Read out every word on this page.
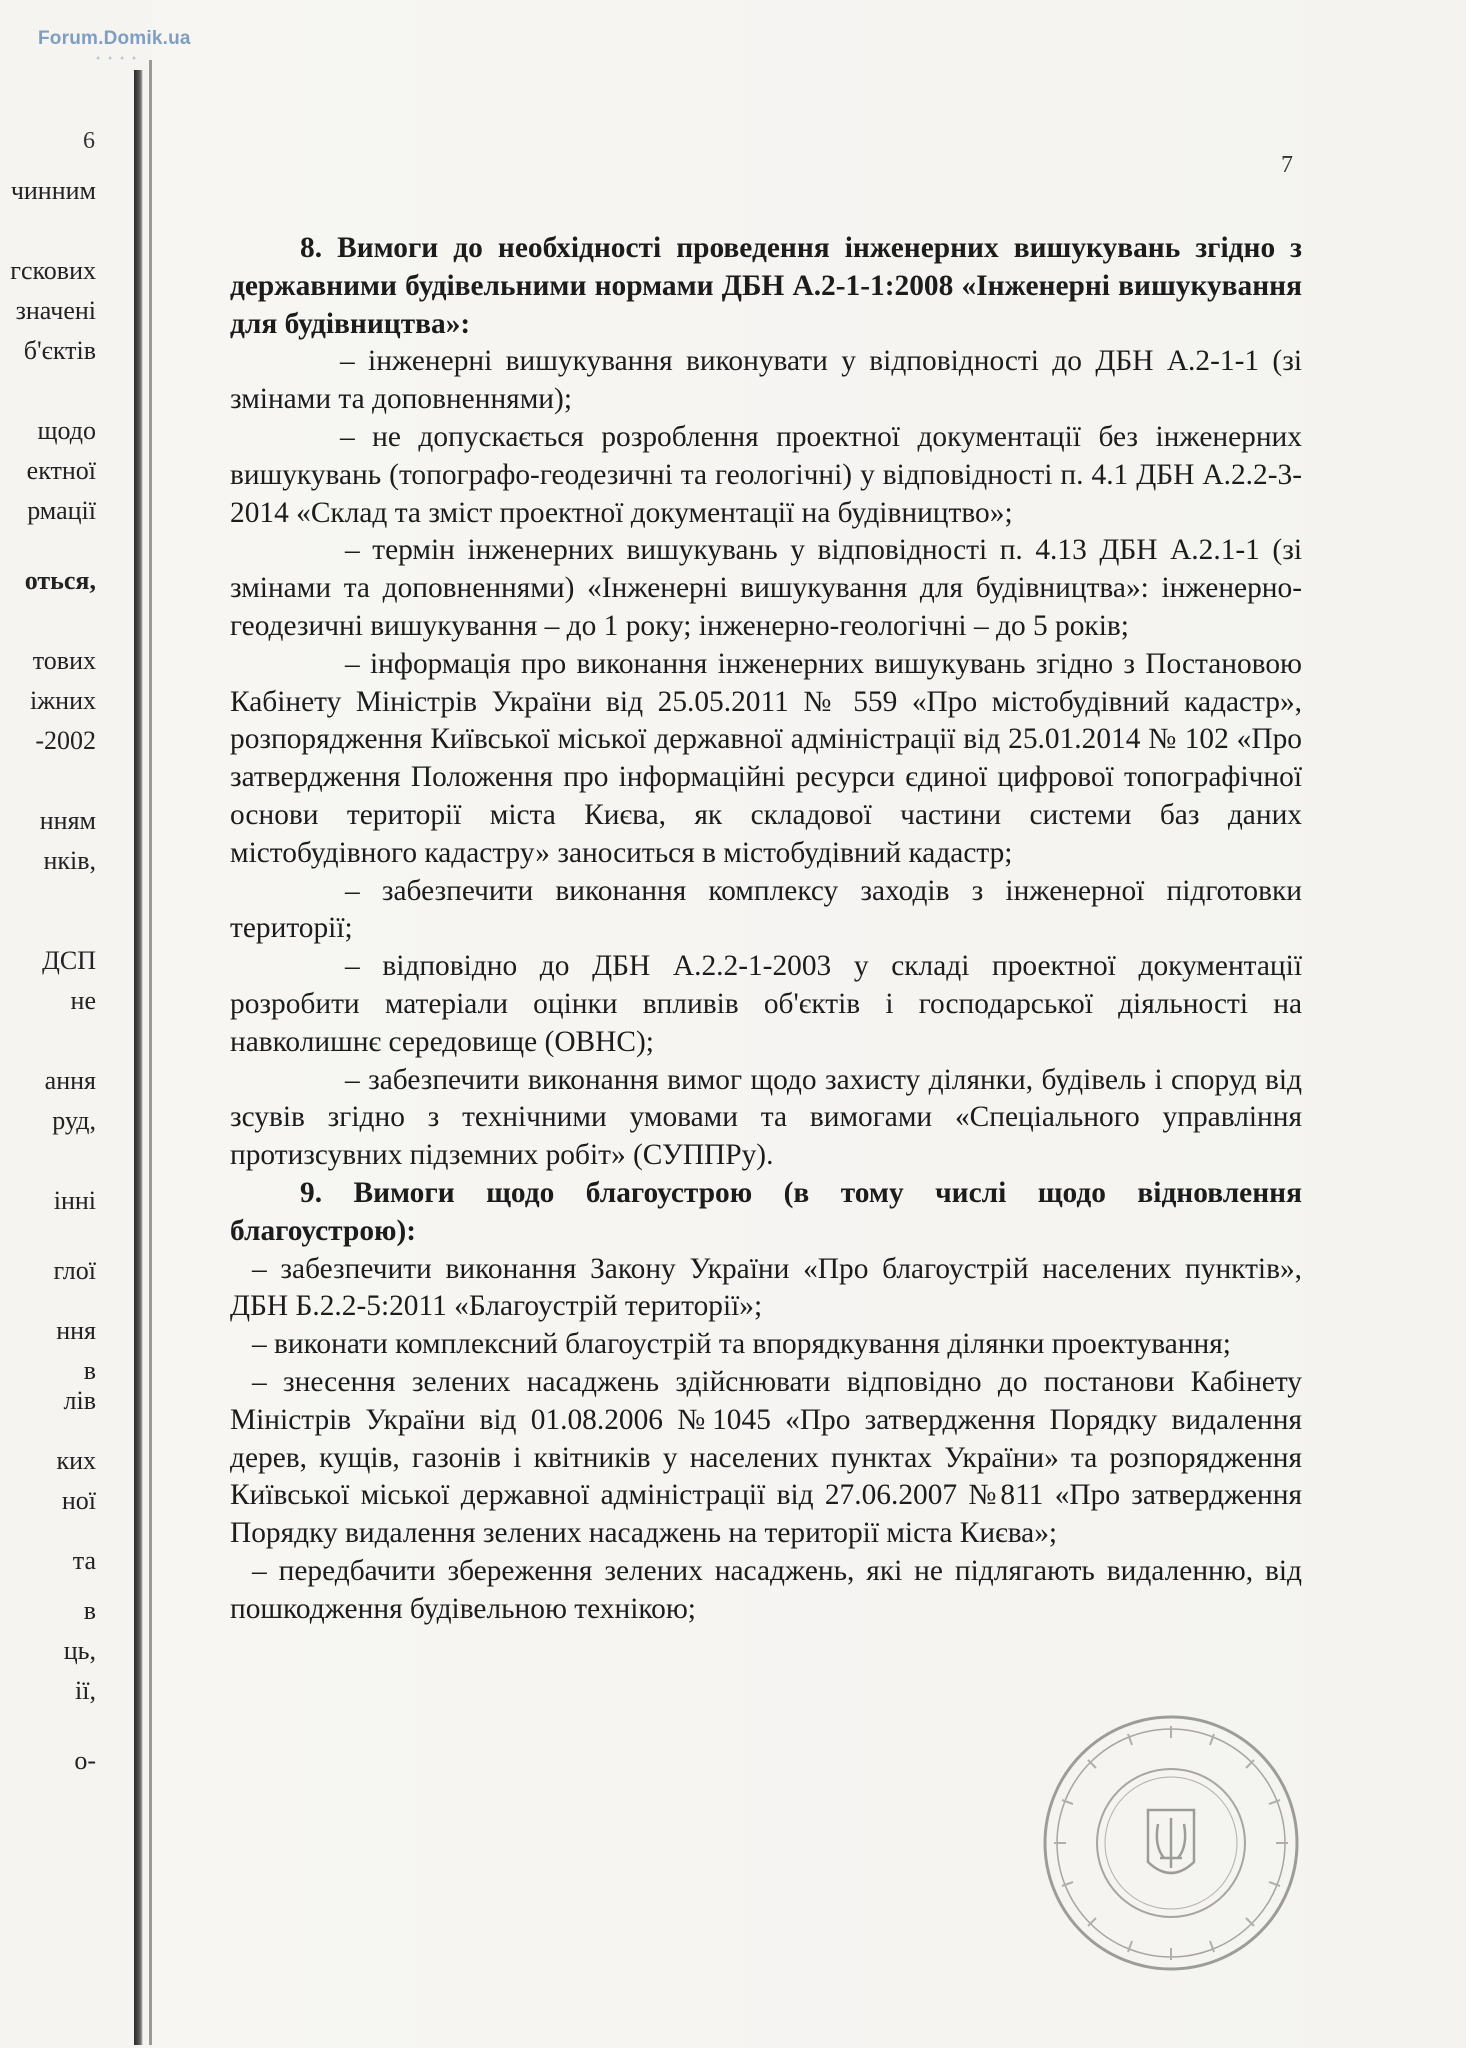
6
чинним
гскових
значені
б'єктів
щодо
ектної
рмації
оться,
тових
іжних
-2002
нням
нків,
ДСП
не
ання
руд,
інні
глої
ння
в
лів
ких
ної
та
в
ць,
ії,
о-
Forum.Domik.ua
● ● ● ●
7

8. Вимоги до необхідності проведення інженерних вишукувань згідно з державними будівельними нормами ДБН А.2-1-1:2008 «Інженерні вишукування для будівництва»:

– інженерні вишукування виконувати у відповідності до ДБН А.2-1-1 (зі змінами та доповненнями);

– не допускається розроблення проектної документації без інженерних вишукувань (топографо-геодезичні та геологічні) у відповідності п. 4.1 ДБН А.2.2-3-2014 «Склад та зміст проектної документації на будівництво»;

– термін інженерних вишукувань у відповідності п. 4.13 ДБН А.2.1-1 (зі змінами та доповненнями) «Інженерні вишукування для будівництва»: інженерно-геодезичні вишукування – до 1 року; інженерно-геологічні – до 5 років;

– інформація про виконання інженерних вишукувань згідно з Постановою Кабінету Міністрів України від 25.05.2011 № 559 «Про містобудівний кадастр», розпорядження Київської міської державної адміністрації від 25.01.2014 № 102 «Про затвердження Положення про інформаційні ресурси єдиної цифрової топографічної основи території міста Києва, як складової частини системи баз даних містобудівного кадастру» заноситься в містобудівний кадастр;

– забезпечити виконання комплексу заходів з інженерної підготовки території;

– відповідно до ДБН А.2.2-1-2003 у складі проектної документації розробити матеріали оцінки впливів об'єктів і господарської діяльності на навколишнє середовище (ОВНС);

– забезпечити виконання вимог щодо захисту ділянки, будівель і споруд від зсувів згідно з технічними умовами та вимогами «Спеціального управління протизсувних підземних робіт» (СУППРу).

9. Вимоги щодо благоустрою (в тому числі щодо відновлення благоустрою):

– забезпечити виконання Закону України «Про благоустрій населених пунктів», ДБН Б.2.2-5:2011 «Благоустрій території»;

– виконати комплексний благоустрій та впорядкування ділянки проектування;

– знесення зелених насаджень здійснювати відповідно до постанови Кабінету Міністрів України від 01.08.2006 №1045 «Про затвердження Порядку видалення дерев, кущів, газонів і квітників у населених пунктах України» та розпорядження Київської міської державної адміністрації від 27.06.2007 №811 «Про затвердження Порядку видалення зелених насаджень на території міста Києва»;

– передбачити збереження зелених насаджень, які не підлягають видаленню, від пошкодження будівельною технікою;
